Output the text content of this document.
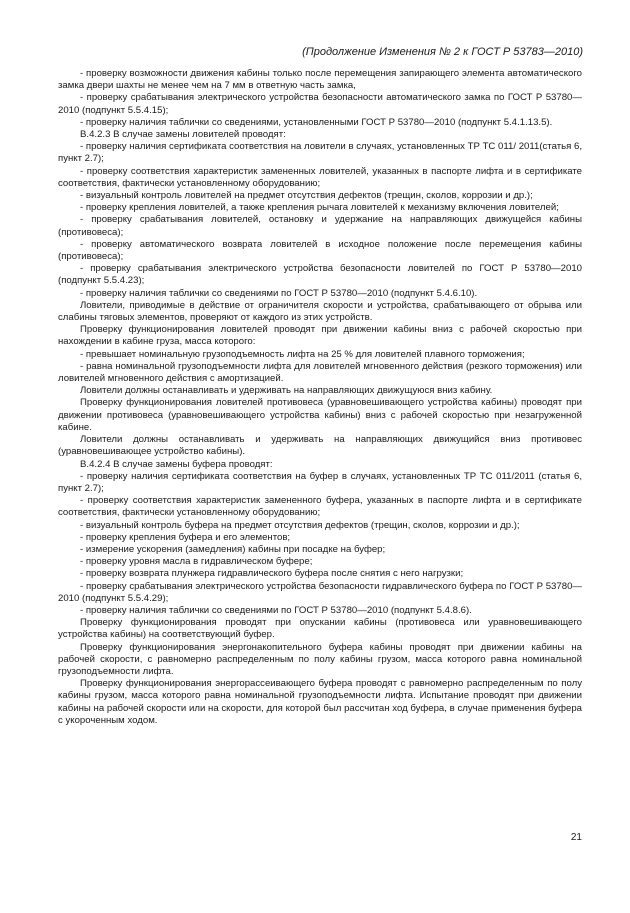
(Продолжение Изменения № 2 к ГОСТ Р 53783—2010)

- проверку возможности движения кабины только после перемещения запирающего элемента автоматического замка двери шахты не менее чем на 7 мм в ответную часть замка,

- проверку срабатывания электрического устройства безопасности автоматического замка по ГОСТ Р 53780—2010 (подпункт 5.5.4.15);

- проверку наличия таблички со сведениями, установленными ГОСТ Р 53780—2010 (подпункт 5.4.1.13.5).

В.4.2.3 В случае замены ловителей проводят:

- проверку наличия сертификата соответствия на ловители в случаях, установленных ТР ТС 011/ 2011(статья 6, пункт 2.7);

- проверку соответствия характеристик замененных ловителей, указанных в паспорте лифта и в сертификате соответствия, фактически установленному оборудованию;

- визуальный контроль ловителей на предмет отсутствия дефектов (трещин, сколов, коррозии и др.);

- проверку крепления ловителей, а также крепления рычага ловителей к механизму включения ловителей;

- проверку срабатывания ловителей, остановку и удержание на направляющих движущейся кабины (противовеса);

- проверку автоматического возврата ловителей в исходное положение после перемещения кабины (противовеса);

- проверку срабатывания электрического устройства безопасности ловителей по ГОСТ Р 53780—2010 (подпункт 5.5.4.23);

- проверку наличия таблички со сведениями по ГОСТ Р 53780—2010 (подпункт 5.4.6.10).

Ловители, приводимые в действие от ограничителя скорости и устройства, срабатывающего от обрыва или слабины тяговых элементов, проверяют от каждого из этих устройств.

Проверку функционирования ловителей проводят при движении кабины вниз с рабочей скоростью при нахождении в кабине груза, масса которого:

- превышает номинальную грузоподъемность лифта на 25 % для ловителей плавного торможения;

- равна номинальной грузоподъемности лифта для ловителей мгновенного действия (резкого торможения) или ловителей мгновенного действия с амортизацией.

Ловители должны останавливать и удерживать на направляющих движущуюся вниз кабину.

Проверку функционирования ловителей противовеса (уравновешивающего устройства кабины) проводят при движении противовеса (уравновешивающего устройства кабины) вниз с рабочей скоростью при незагруженной кабине.

Ловители должны останавливать и удерживать на направляющих движущийся вниз противовес (уравновешивающее устройство кабины).

В.4.2.4 В случае замены буфера проводят:

- проверку наличия сертификата соответствия на буфер в случаях, установленных ТР ТС 011/2011 (статья 6, пункт 2.7);

- проверку соответствия характеристик замененного буфера, указанных в паспорте лифта и в сертификате соответствия, фактически установленному оборудованию;

- визуальный контроль буфера на предмет отсутствия дефектов (трещин, сколов, коррозии и др.);

- проверку крепления буфера и его элементов;

- измерение ускорения (замедления) кабины при посадке на буфер;

- проверку уровня масла в гидравлическом буфере;

- проверку возврата плунжера гидравлического буфера после снятия с него нагрузки;

- проверку срабатывания электрического устройства безопасности гидравлического буфера по ГОСТ Р 53780—2010 (подпункт 5.5.4.29);

- проверку наличия таблички со сведениями по ГОСТ Р 53780—2010 (подпункт 5.4.8.6).

Проверку функционирования проводят при опускании кабины (противовеса или уравновешивающего устройства кабины) на соответствующий буфер.

Проверку функционирования энергонакопительного буфера кабины проводят при движении кабины на рабочей скорости, с равномерно распределенным по полу кабины грузом, масса которого равна номинальной грузоподъемности лифта.

Проверку функционирования энергорассеивающего буфера проводят с равномерно распределенным по полу кабины грузом, масса которого равна номинальной грузоподъемности лифта. Испытание проводят при движении кабины на рабочей скорости или на скорости, для которой был рассчитан ход буфера, в случае применения буфера с укороченным ходом.

21
